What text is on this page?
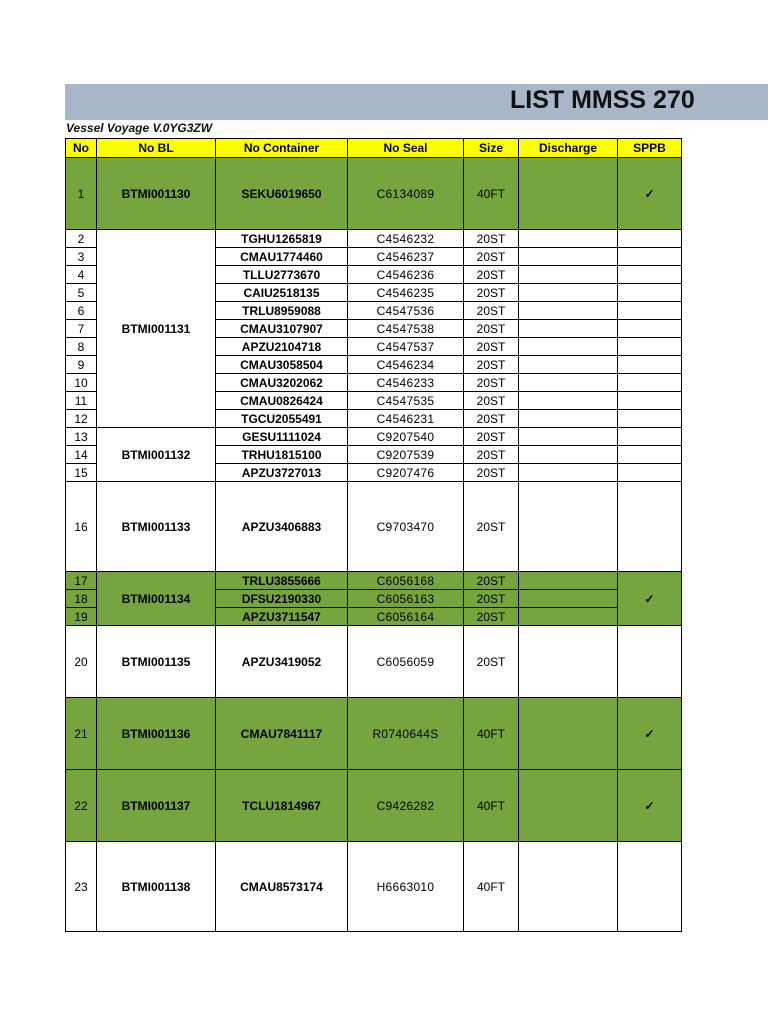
LIST MMSS 270
Vessel Voyage V.0YG3ZW
No	No BL	No Container	No Seal	Size	Discharge	SPPB
1	BTMI001130	SEKU6019650	C6134089	40FT		✓
2	BTMI001131	TGHU1265819	C4546232	20ST		
3		CMAU1774460	C4546237	20ST		
4		TLLU2773670	C4546236	20ST		
5		CAIU2518135	C4546235	20ST		
6		TRLU8959088	C4547536	20ST		
7		CMAU3107907	C4547538	20ST		
8		APZU2104718	C4547537	20ST		
9		CMAU3058504	C4546234	20ST		
10		CMAU3202062	C4546233	20ST		
11		CMAU0826424	C4547535	20ST		
12		TGCU2055491	C4546231	20ST		
13	BTMI001132	GESU1111024	C9207540	20ST		
14		TRHU1815100	C9207539	20ST		
15		APZU3727013	C9207476	20ST		
16	BTMI001133	APZU3406883	C9703470	20ST		
17	BTMI001134	TRLU3855666	C6056168	20ST		✓
18		DFSU2190330	C6056163	20ST		
19		APZU3711547	C6056164	20ST		
20	BTMI001135	APZU3419052	C6056059	20ST		
21	BTMI001136	CMAU7841117	R0740644S	40FT		✓
22	BTMI001137	TCLU1814967	C9426282	40FT		✓
23	BTMI001138	CMAU8573174	H6663010	40FT		
